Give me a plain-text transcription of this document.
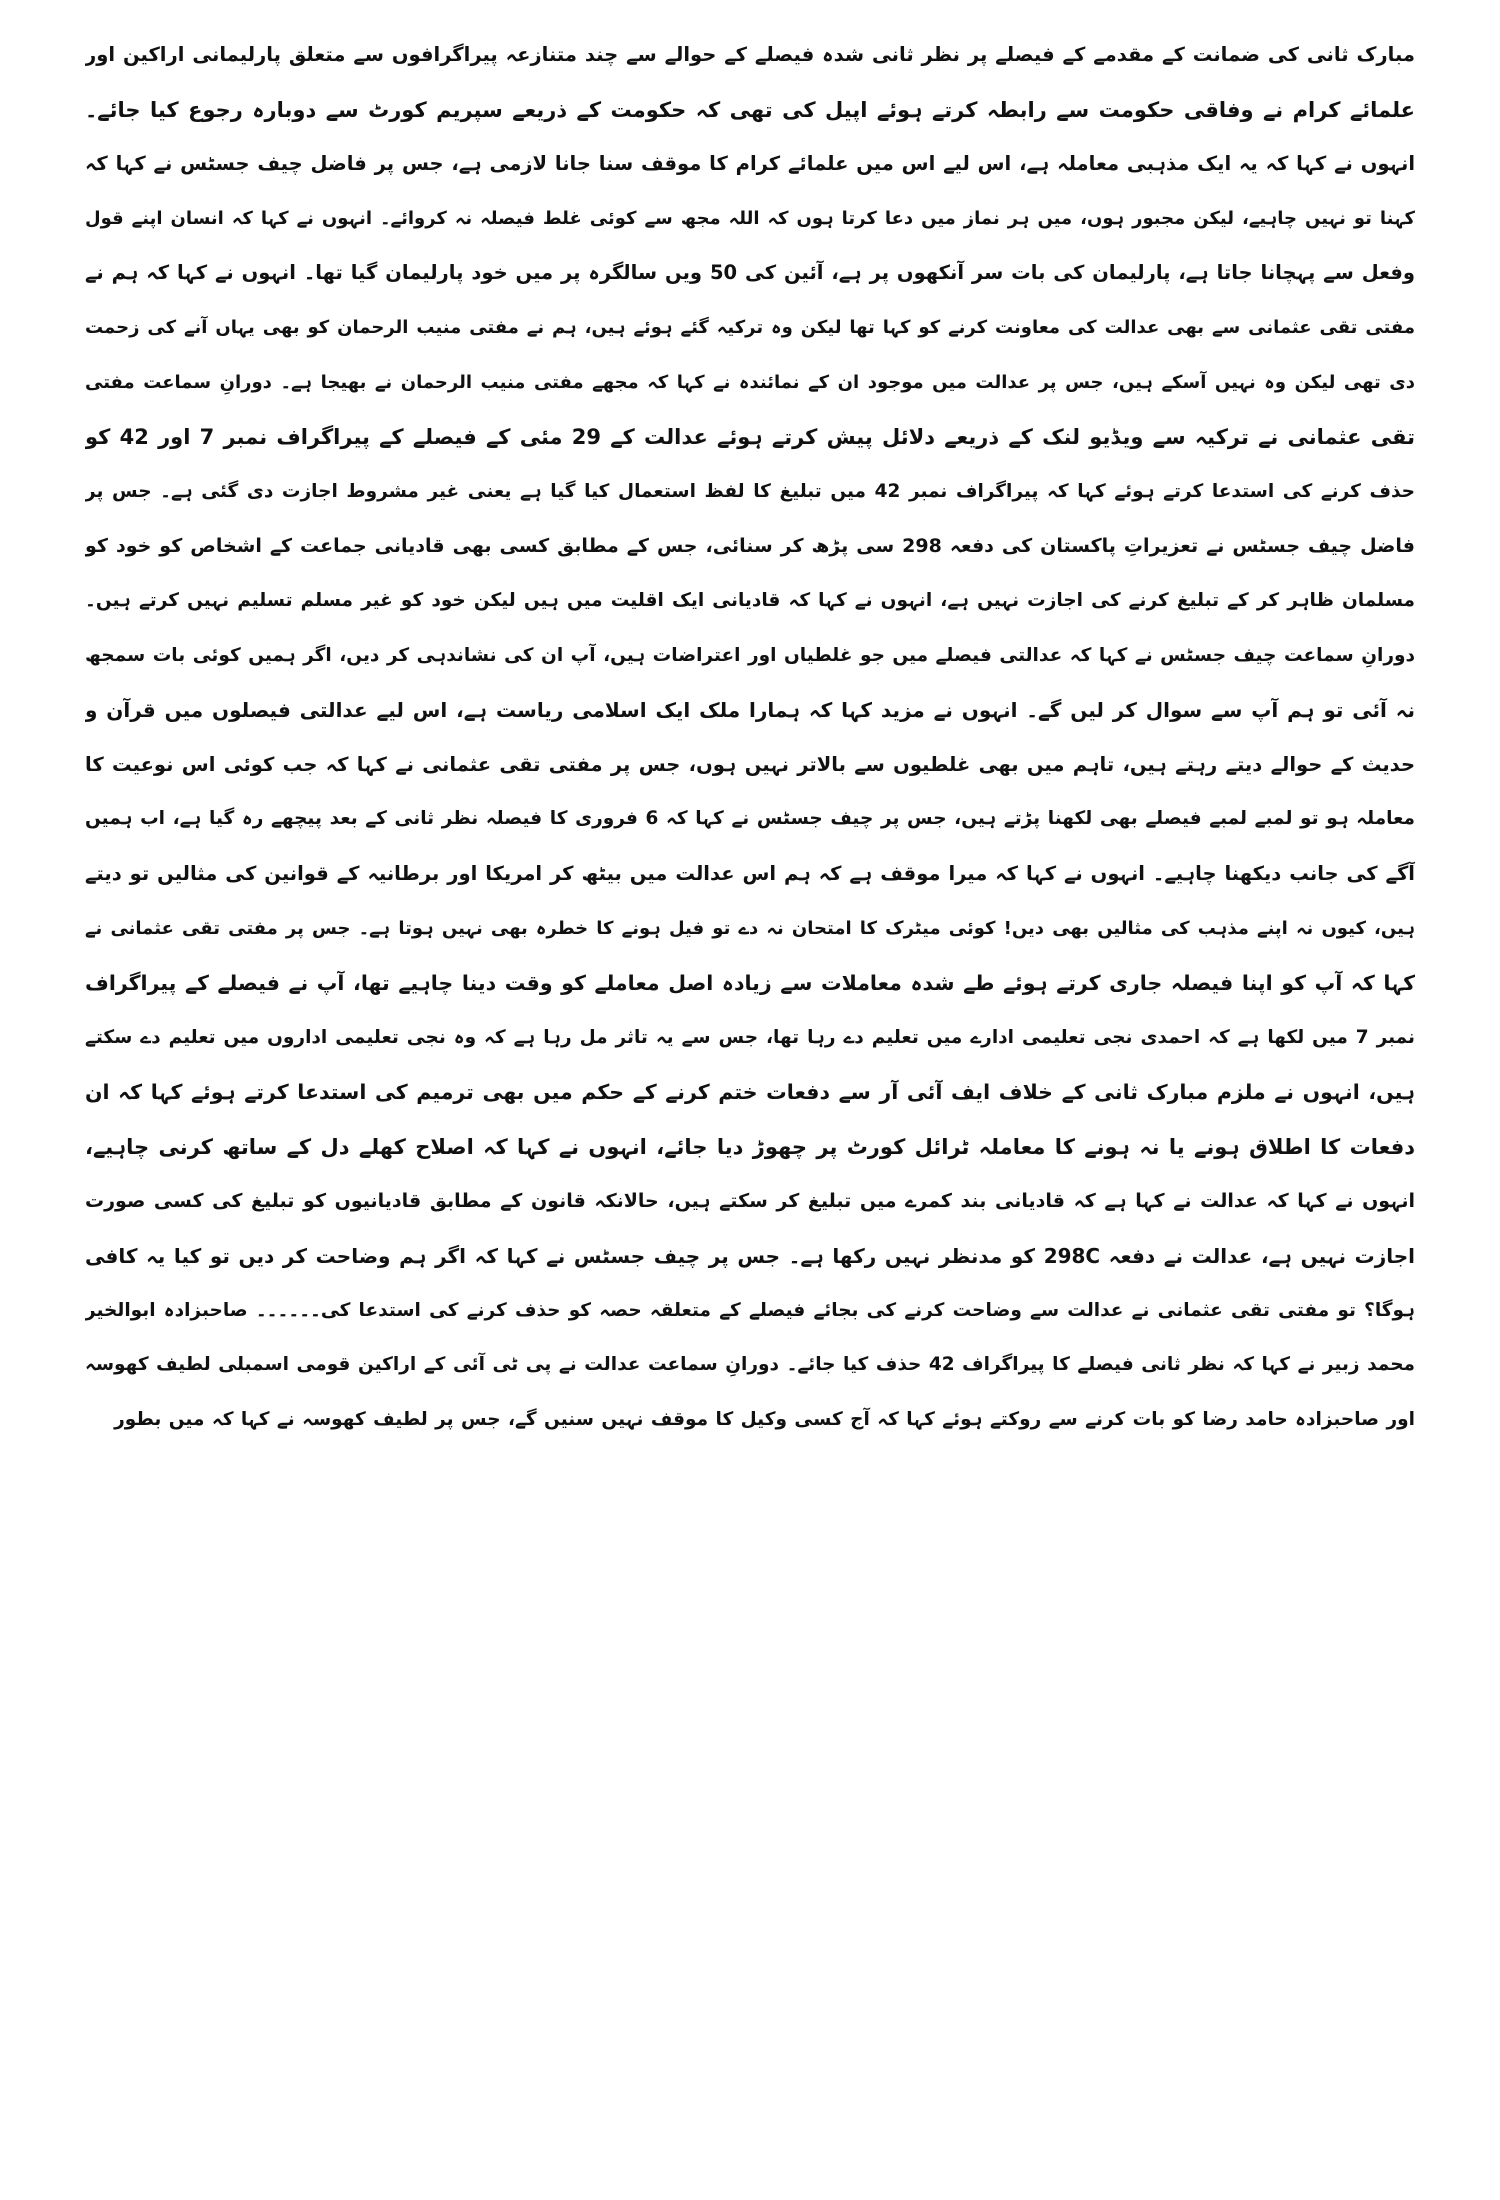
مبارک ثانی کی ضمانت کے مقدمے کے فیصلے پر نظر ثانی شدہ فیصلے کے حوالے سے چند متنازعہ پیراگرافوں سے متعلق پارلیمانی اراکین اور
علمائے کرام نے وفاقی حکومت سے رابطہ کرتے ہوئے اپیل کی تھی کہ حکومت کے ذریعے سپریم کورٹ سے دوبارہ رجوع کیا جائے۔
انہوں نے کہا کہ یہ ایک مذہبی معاملہ ہے، اس لیے اس میں علمائے کرام کا موقف سنا جانا لازمی ہے، جس پر فاضل چیف جسٹس نے کہا کہ
کہنا تو نہیں چاہیے، لیکن مجبور ہوں، میں ہر نماز میں دعا کرتا ہوں کہ اللہ مجھ سے کوئی غلط فیصلہ نہ کروائے۔ انہوں نے کہا کہ انسان اپنے قول
وفعل سے پہچانا جاتا ہے، پارلیمان کی بات سر آنکھوں پر ہے، آئین کی 50 ویں سالگرہ پر میں خود پارلیمان گیا تھا۔ انہوں نے کہا کہ ہم نے
مفتی تقی عثمانی سے بھی عدالت کی معاونت کرنے کو کہا تھا لیکن وہ ترکیہ گئے ہوئے ہیں، ہم نے مفتی منیب الرحمان کو بھی یہاں آنے کی زحمت
دی تھی لیکن وہ نہیں آسکے ہیں، جس پر عدالت میں موجود ان کے نمائندہ نے کہا کہ مجھے مفتی منیب الرحمان نے بھیجا ہے۔ دورانِ سماعت مفتی
تقی عثمانی نے ترکیہ سے ویڈیو لنک کے ذریعے دلائل پیش کرتے ہوئے عدالت کے 29 مئی کے فیصلے کے پیراگراف نمبر 7 اور 42 کو
حذف کرنے کی استدعا کرتے ہوئے کہا کہ پیراگراف نمبر 42 میں تبلیغ کا لفظ استعمال کیا گیا ہے یعنی غیر مشروط اجازت دی گئی ہے۔ جس پر
فاضل چیف جسٹس نے تعزیراتِ پاکستان کی دفعہ 298 سی پڑھ کر سنائی، جس کے مطابق کسی بھی قادیانی جماعت کے اشخاص کو خود کو
مسلمان ظاہر کر کے تبلیغ کرنے کی اجازت نہیں ہے، انہوں نے کہا کہ قادیانی ایک اقلیت میں ہیں لیکن خود کو غیر مسلم تسلیم نہیں کرتے ہیں۔
دورانِ سماعت چیف جسٹس نے کہا کہ عدالتی فیصلے میں جو غلطیاں اور اعتراضات ہیں، آپ ان کی نشاندہی کر دیں، اگر ہمیں کوئی بات سمجھ
نہ آئی تو ہم آپ سے سوال کر لیں گے۔ انہوں نے مزید کہا کہ ہمارا ملک ایک اسلامی ریاست ہے، اس لیے عدالتی فیصلوں میں قرآن و
حدیث کے حوالے دیتے رہتے ہیں، تاہم میں بھی غلطیوں سے بالاتر نہیں ہوں، جس پر مفتی تقی عثمانی نے کہا کہ جب کوئی اس نوعیت کا
معاملہ ہو تو لمبے لمبے فیصلے بھی لکھنا پڑتے ہیں، جس پر چیف جسٹس نے کہا کہ 6 فروری کا فیصلہ نظر ثانی کے بعد پیچھے رہ گیا ہے، اب ہمیں
آگے کی جانب دیکھنا چاہیے۔ انہوں نے کہا کہ میرا موقف ہے کہ ہم اس عدالت میں بیٹھ کر امریکا اور برطانیہ کے قوانین کی مثالیں تو دیتے
ہیں، کیوں نہ اپنے مذہب کی مثالیں بھی دیں! کوئی میٹرک کا امتحان نہ دے تو فیل ہونے کا خطرہ بھی نہیں ہوتا ہے۔ جس پر مفتی تقی عثمانی نے
کہا کہ آپ کو اپنا فیصلہ جاری کرتے ہوئے طے شدہ معاملات سے زیادہ اصل معاملے کو وقت دینا چاہیے تھا، آپ نے فیصلے کے پیراگراف
نمبر 7 میں لکھا ہے کہ احمدی نجی تعلیمی ادارے میں تعلیم دے رہا تھا، جس سے یہ تاثر مل رہا ہے کہ وہ نجی تعلیمی اداروں میں تعلیم دے سکتے
ہیں، انہوں نے ملزم مبارک ثانی کے خلاف ایف آئی آر سے دفعات ختم کرنے کے حکم میں بھی ترمیم کی استدعا کرتے ہوئے کہا کہ ان
دفعات کا اطلاق ہونے یا نہ ہونے کا معاملہ ٹرائل کورٹ پر چھوڑ دیا جائے، انہوں نے کہا کہ اصلاح کھلے دل کے ساتھ کرنی چاہیے،
انہوں نے کہا کہ عدالت نے کہا ہے کہ قادیانی بند کمرے میں تبلیغ کر سکتے ہیں، حالانکہ قانون کے مطابق قادیانیوں کو تبلیغ کی کسی صورت
اجازت نہیں ہے، عدالت نے دفعہ 298C کو مدنظر نہیں رکھا ہے۔ جس پر چیف جسٹس نے کہا کہ اگر ہم وضاحت کر دیں تو کیا یہ کافی
ہوگا؟ تو مفتی تقی عثمانی نے عدالت سے وضاحت کرنے کی بجائے فیصلے کے متعلقہ حصہ کو حذف کرنے کی استدعا کی۔۔۔۔۔۔ صاحبزادہ ابوالخیر
محمد زبیر نے کہا کہ نظر ثانی فیصلے کا پیراگراف 42 حذف کیا جائے۔ دورانِ سماعت عدالت نے پی ٹی آئی کے اراکین قومی اسمبلی لطیف کھوسہ
اور صاحبزادہ حامد رضا کو بات کرنے سے روکتے ہوئے کہا کہ آج کسی وکیل کا موقف نہیں سنیں گے، جس پر لطیف کھوسہ نے کہا کہ میں بطور
